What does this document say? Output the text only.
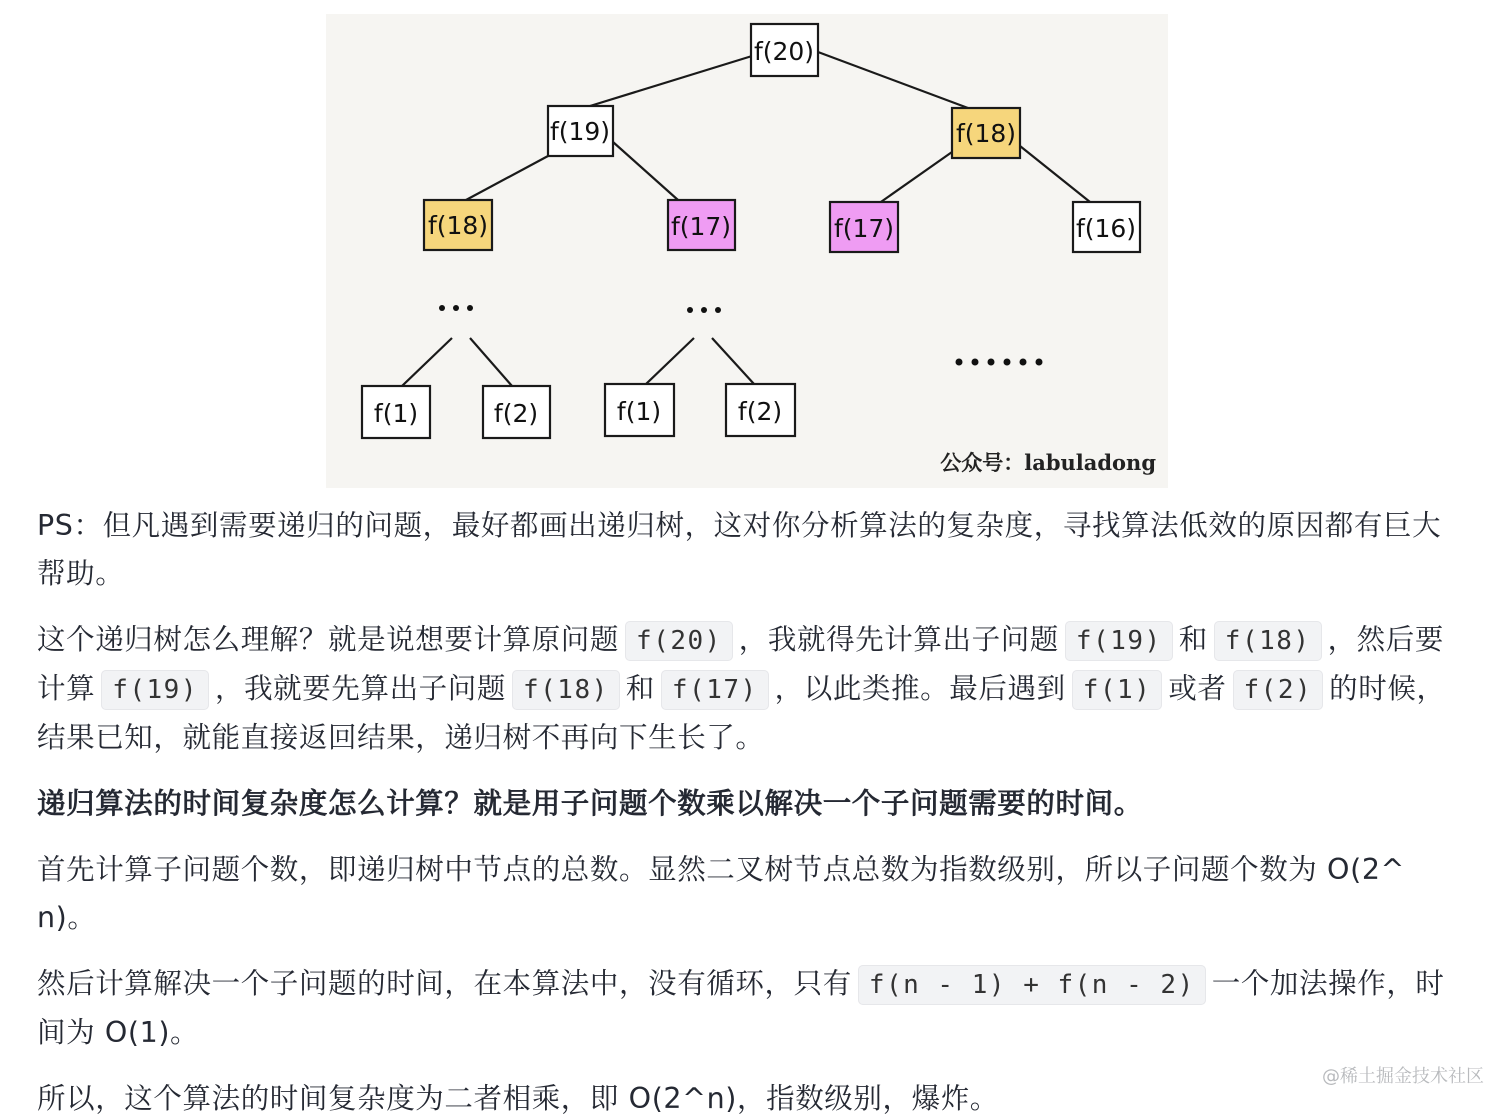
f(20)
f(19)	f(18)
f(18)	f(17)	f(17)	f(16)
f(1)	f(2)	f(1)	f(2)
公众号：labuladong

PS：但凡遇到需要递归的问题，最好都画出递归树，这对你分析算法的复杂度，寻找算法低效的原因都有巨大帮助。

这个递归树怎么理解？就是说想要计算原问题 f(20) ，我就得先计算出子问题 f(19) 和 f(18) ，然后要计算 f(19) ，我就要先算出子问题 f(18) 和 f(17) ，以此类推。最后遇到 f(1) 或者 f(2) 的时候，结果已知，就能直接返回结果，递归树不再向下生长了。

递归算法的时间复杂度怎么计算？就是用子问题个数乘以解决一个子问题需要的时间。

首先计算子问题个数，即递归树中节点的总数。显然二叉树节点总数为指数级别，所以子问题个数为 O(2^n)。

然后计算解决一个子问题的时间，在本算法中，没有循环，只有 f(n - 1) + f(n - 2) 一个加法操作，时间为 O(1)。

所以，这个算法的时间复杂度为二者相乘，即 O(2^n)，指数级别，爆炸。

@稀土掘金技术社区
